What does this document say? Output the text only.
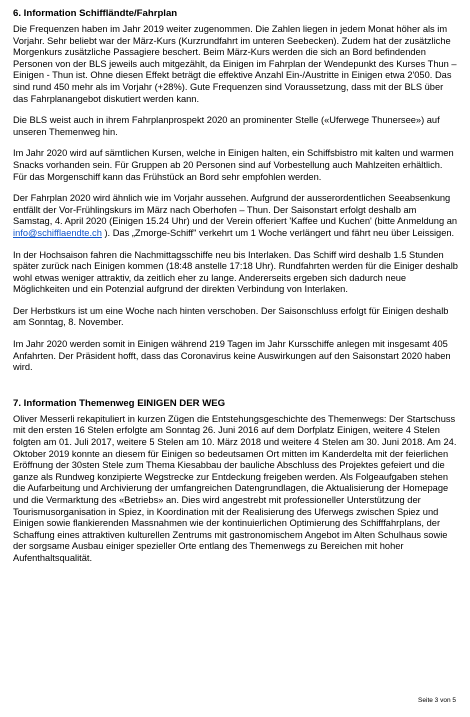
6. Information Schiffländte/Fahrplan

Die Frequenzen haben im Jahr 2019 weiter zugenommen. Die Zahlen liegen in jedem Monat höher als im Vorjahr. Sehr beliebt war der März-Kurs (Kurzrundfahrt im unteren Seebecken). Zudem hat der zusätzliche Morgenkurs zusätzliche Passagiere beschert. Beim März-Kurs werden die sich an Bord befindenden Personen von der BLS jeweils auch mitgezählt, da Einigen im Fahrplan der Wendepunkt des Kurses Thun – Einigen - Thun ist. Ohne diesen Effekt beträgt die effektive Anzahl Ein-/Austritte in Einigen etwa 2'050. Das sind rund 450 mehr als im Vorjahr (+28%). Gute Frequenzen sind Voraussetzung, dass mit der BLS über das Fahrplanangebot diskutiert werden kann.

Die BLS weist auch in ihrem Fahrplanprospekt 2020 an prominenter Stelle («Uferwege Thunersee») auf unseren Themenweg hin.

Im Jahr 2020 wird auf sämtlichen Kursen, welche in Einigen halten, ein Schiffsbistro mit kalten und warmen Snacks vorhanden sein. Für Gruppen ab 20 Personen sind auf Vorbestellung auch Mahlzeiten erhältlich. Für das Morgenschiff kann das Frühstück an Bord sehr empfohlen werden.

Der Fahrplan 2020 wird ähnlich wie im Vorjahr aussehen. Aufgrund der ausserordentlichen Seeabsenkung entfällt der Vor-Frühlingskurs im März nach Oberhofen – Thun. Der Saisonstart erfolgt deshalb am Samstag, 4. April 2020 (Einigen 15.24 Uhr) und der Verein offeriert 'Kaffee und Kuchen' (bitte Anmeldung an info@schifflaendte.ch ). Das „Zmorge-Schiff" verkehrt um 1 Woche verlängert und fährt neu über Leissigen.

In der Hochsaison fahren die Nachmittagsschiffe neu bis Interlaken. Das Schiff wird deshalb 1.5 Stunden später zurück nach Einigen kommen (18:48 anstelle 17:18 Uhr). Rundfahrten werden für die Einiger deshalb wohl etwas weniger attraktiv, da zeitlich eher zu lange. Andererseits ergeben sich dadurch neue Möglichkeiten und ein Potenzial aufgrund der direkten Verbindung von Interlaken.

Der Herbstkurs ist um eine Woche nach hinten verschoben. Der Saisonschluss erfolgt für Einigen deshalb am Sonntag, 8. November.

Im Jahr 2020 werden somit in Einigen während 219 Tagen im Jahr Kursschiffe anlegen mit insgesamt 405 Anfahrten. Der Präsident hofft, dass das Coronavirus keine Auswirkungen auf den Saisonstart 2020 haben wird.

7. Information Themenweg EINIGEN DER WEG

Oliver Messerli rekapituliert in kurzen Zügen die Entstehungsgeschichte des Themenwegs: Der Startschuss mit den ersten 16 Stelen erfolgte am Sonntag 26. Juni 2016 auf dem Dorfplatz Einigen, weitere 4 Stelen folgten am 01. Juli 2017, weitere 5 Stelen am 10. März 2018 und weitere 4 Stelen am 30. Juni 2018. Am 24. Oktober 2019 konnte an diesem für Einigen so bedeutsamen Ort mitten im Kanderdelta mit der feierlichen Eröffnung der 30sten Stele zum Thema Kiesabbau der bauliche Abschluss des Projektes gefeiert und die ganze als Rundweg konzipierte Wegstrecke zur Entdeckung freigeben werden. Als Folgeaufgaben stehen die Aufarbeitung und Archivierung der umfangreichen Datengrundlagen, die Aktualisierung der Homepage und die Vermarktung des «Betriebs» an. Dies wird angestrebt mit professioneller Unterstützung der Tourismusorganisation in Spiez, in Koordination mit der Realisierung des Uferwegs zwischen Spiez und Einigen sowie flankierenden Massnahmen wie der kontinuierlichen Optimierung des Schifffahrplans, der Schaffung eines attraktiven kulturellen Zentrums mit gastronomischem Angebot im Alten Schulhaus sowie der sorgsame Ausbau einiger spezieller Orte entlang des Themenwegs zu Bereichen mit hoher Aufenthaltsqualität.

Seite 3 von 5
